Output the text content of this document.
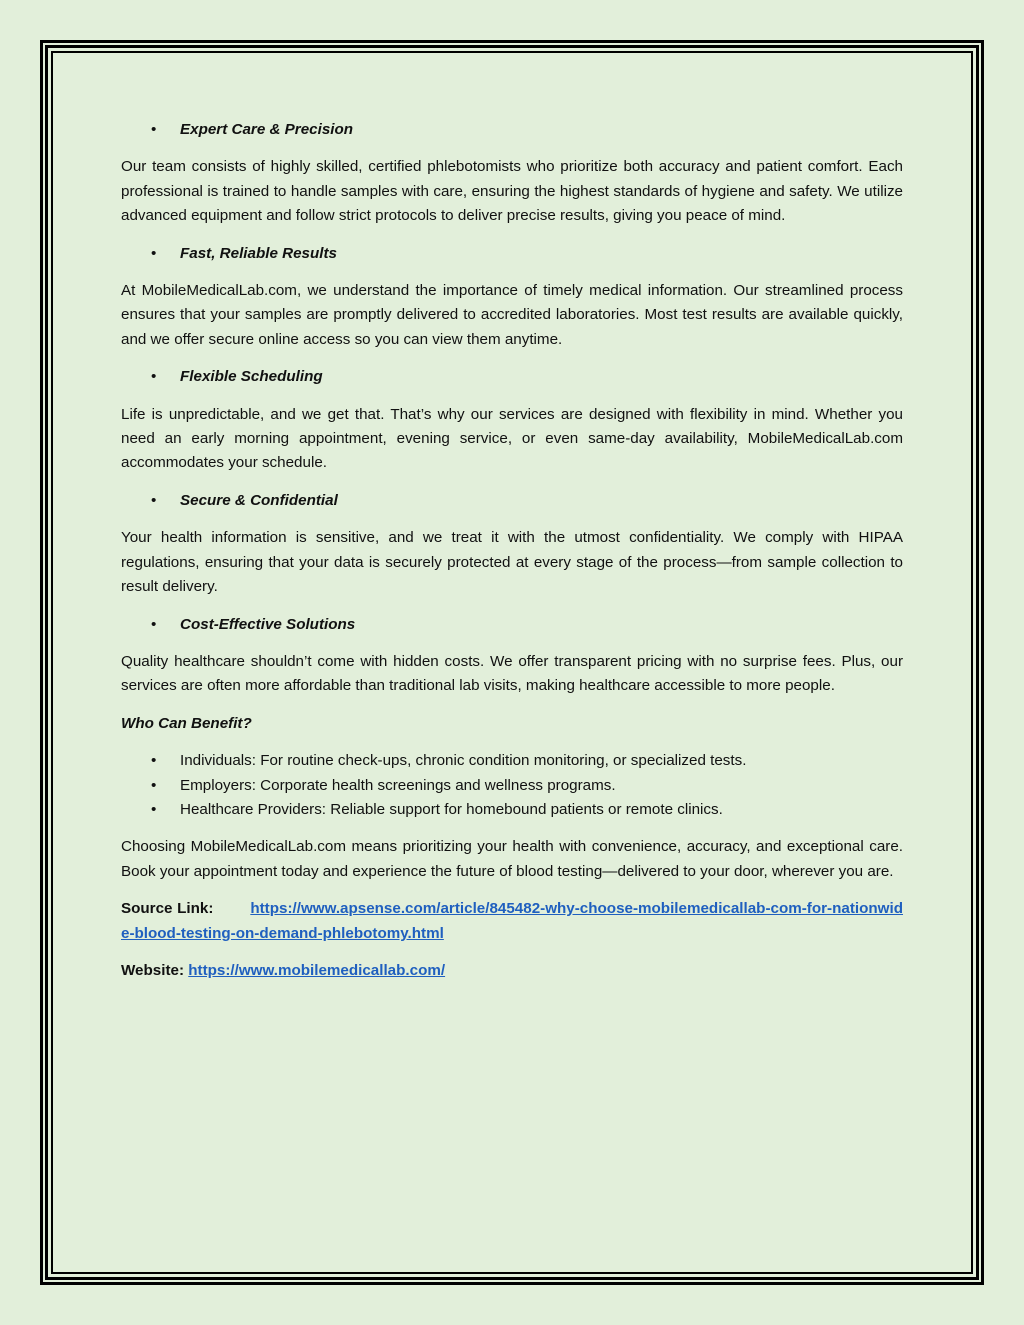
• Expert Care & Precision

Our team consists of highly skilled, certified phlebotomists who prioritize both accuracy and patient comfort. Each professional is trained to handle samples with care, ensuring the highest standards of hygiene and safety. We utilize advanced equipment and follow strict protocols to deliver precise results, giving you peace of mind.

• Fast, Reliable Results

At MobileMedicalLab.com, we understand the importance of timely medical information. Our streamlined process ensures that your samples are promptly delivered to accredited laboratories. Most test results are available quickly, and we offer secure online access so you can view them anytime.

• Flexible Scheduling

Life is unpredictable, and we get that. That’s why our services are designed with flexibility in mind. Whether you need an early morning appointment, evening service, or even same-day availability, MobileMedicalLab.com accommodates your schedule.

• Secure & Confidential

Your health information is sensitive, and we treat it with the utmost confidentiality. We comply with HIPAA regulations, ensuring that your data is securely protected at every stage of the process—from sample collection to result delivery.

• Cost-Effective Solutions

Quality healthcare shouldn’t come with hidden costs. We offer transparent pricing with no surprise fees. Plus, our services are often more affordable than traditional lab visits, making healthcare accessible to more people.

Who Can Benefit?
• Individuals: For routine check-ups, chronic condition monitoring, or specialized tests.
• Employers: Corporate health screenings and wellness programs.
• Healthcare Providers: Reliable support for homebound patients or remote clinics.

Choosing MobileMedicalLab.com means prioritizing your health with convenience, accuracy, and exceptional care. Book your appointment today and experience the future of blood testing—delivered to your door, wherever you are.

Source Link: https://www.apsense.com/article/845482-why-choose-mobilemedicallab-com-for-nationwide-blood-testing-on-demand-phlebotomy.html

Website: https://www.mobilemedicallab.com/
